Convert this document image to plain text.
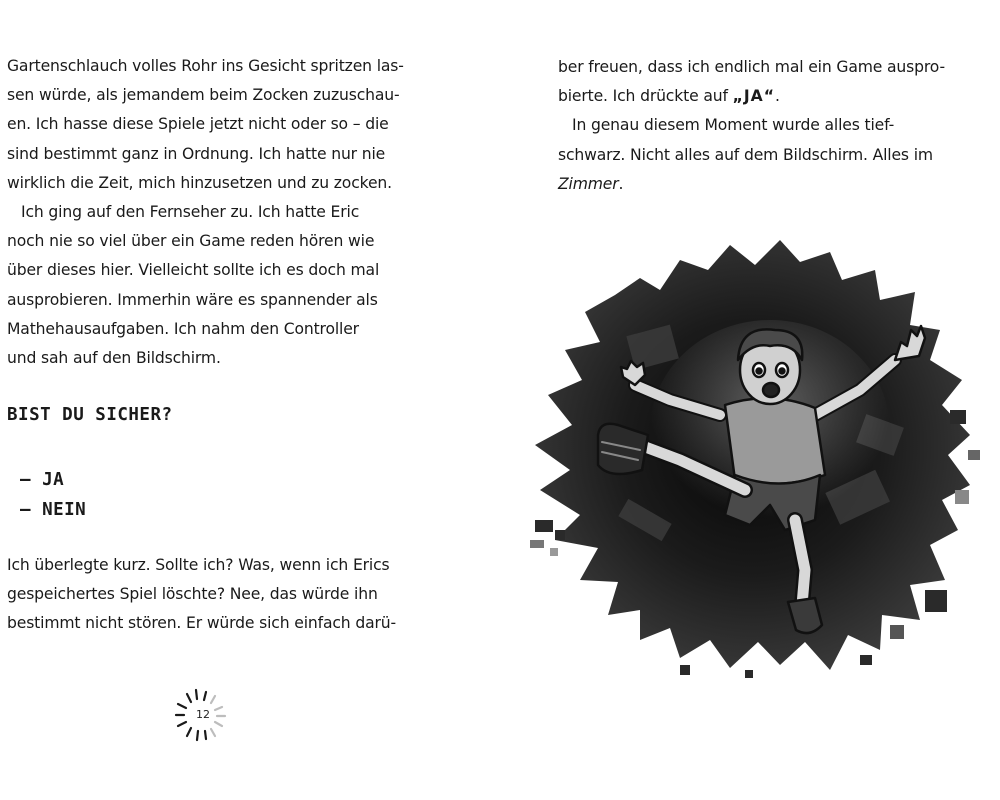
Gartenschlauch volles Rohr ins Gesicht spritzen las-
sen würde, als jemandem beim Zocken zuzuschau-
en. Ich hasse diese Spiele jetzt nicht oder so – die
sind bestimmt ganz in Ordnung. Ich hatte nur nie
wirklich die Zeit, mich hinzusetzen und zu zocken.

Ich ging auf den Fernseher zu. Ich hatte Eric
noch nie so viel über ein Game reden hören wie
über dieses hier. Vielleicht sollte ich es doch mal
ausprobieren. Immerhin wäre es spannender als
Mathehausaufgaben. Ich nahm den Controller
und sah auf den Bildschirm.

BIST DU SICHER?

– JA
– NEIN

Ich überlegte kurz. Sollte ich? Was, wenn ich Erics
gespeichertes Spiel löschte? Nee, das würde ihn
bestimmt nicht stören. Er würde sich einfach darü-

12

ber freuen, dass ich endlich mal ein Game auspro-
bierte. Ich drückte auf „JA“.
In genau diesem Moment wurde alles tief-
schwarz. Nicht alles auf dem Bildschirm. Alles im
Zimmer.
